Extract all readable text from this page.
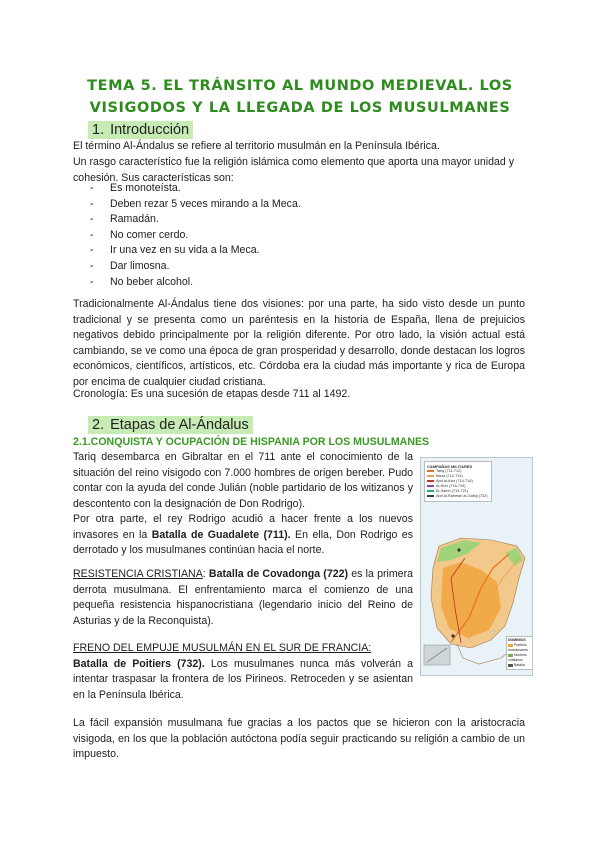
TEMA 5. EL TRÁNSITO AL MUNDO MEDIEVAL. LOS
VISIGODOS Y LA LLEGADA DE LOS MUSULMANES
1. Introducción
El término Al-Ándalus se refiere al territorio musulmán en la Península Ibérica.
Un rasgo característico fue la religión islámica como elemento que aporta una mayor unidad y cohesión. Sus características son:
- Es monoteísta.
- Deben rezar 5 veces mirando a la Meca.
- Ramadán.
- No comer cerdo.
- Ir una vez en su vida a la Meca.
- Dar limosna.
- No beber alcohol.
Tradicionalmente Al-Ándalus tiene dos visiones: por una parte, ha sido visto desde un punto tradicional y se presenta como un paréntesis en la historia de España, llena de prejuicios negativos debido principalmente por la religión diferente. Por otro lado, la visión actual está cambiando, se ve como una época de gran prosperidad y desarrollo, donde destacan los logros económicos, científicos, artísticos, etc. Córdoba era la ciudad más importante y rica de Europa por encima de cualquier ciudad cristiana.
Cronología: Es una sucesión de etapas desde 711 al 1492.
2. Etapas de Al-Ándalus
2.1.CONQUISTA Y OCUPACIÓN DE HISPANIA POR LOS MUSULMANES
Tariq desembarca en Gibraltar en el 711 ante el conocimiento de la situación del reino visigodo con 7.000 hombres de origen bereber. Pudo contar con la ayuda del conde Julián (noble partidario de los witizanos y descontento con la designación de Don Rodrigo).
Por otra parte, el rey Rodrigo acudió a hacer frente a los nuevos invasores en la Batalla de Guadalete (711). En ella, Don Rodrigo es derrotado y los musulmanes continúan hacia el norte.
RESISTENCIA CRISTIANA: Batalla de Covadonga (722) es la primera derrota musulmana. El enfrentamiento marca el comienzo de una pequeña resistencia hispanocristiana (legendario inicio del Reino de Asturias y de la Reconquista).
FRENO DEL EMPUJE MUSULMÁN EN EL SUR DE FRANCIA:
Batalla de Poitiers (732). Los musulmanes nunca más volverán a intentar traspasar la frontera de los Pirineos. Retroceden y se asientan en la Península Ibérica.
La fácil expansión musulmana fue gracias a los pactos que se hicieron con la aristocracia visigoda, en los que la población autóctona podía seguir practicando su religión a cambio de un impuesto.
CAMPAÑAS MILITARES
Tariq (711-712)
Muza (712-714)
Abd al-Aziz (714-716)
Al-Hurr (716-719)
Al-Samh (719-721)
Abd al-Rahman al-Gafiqi (732)
DOMINIOS
Pueblos musulmanes
Núcleos cristianos
Batalla
